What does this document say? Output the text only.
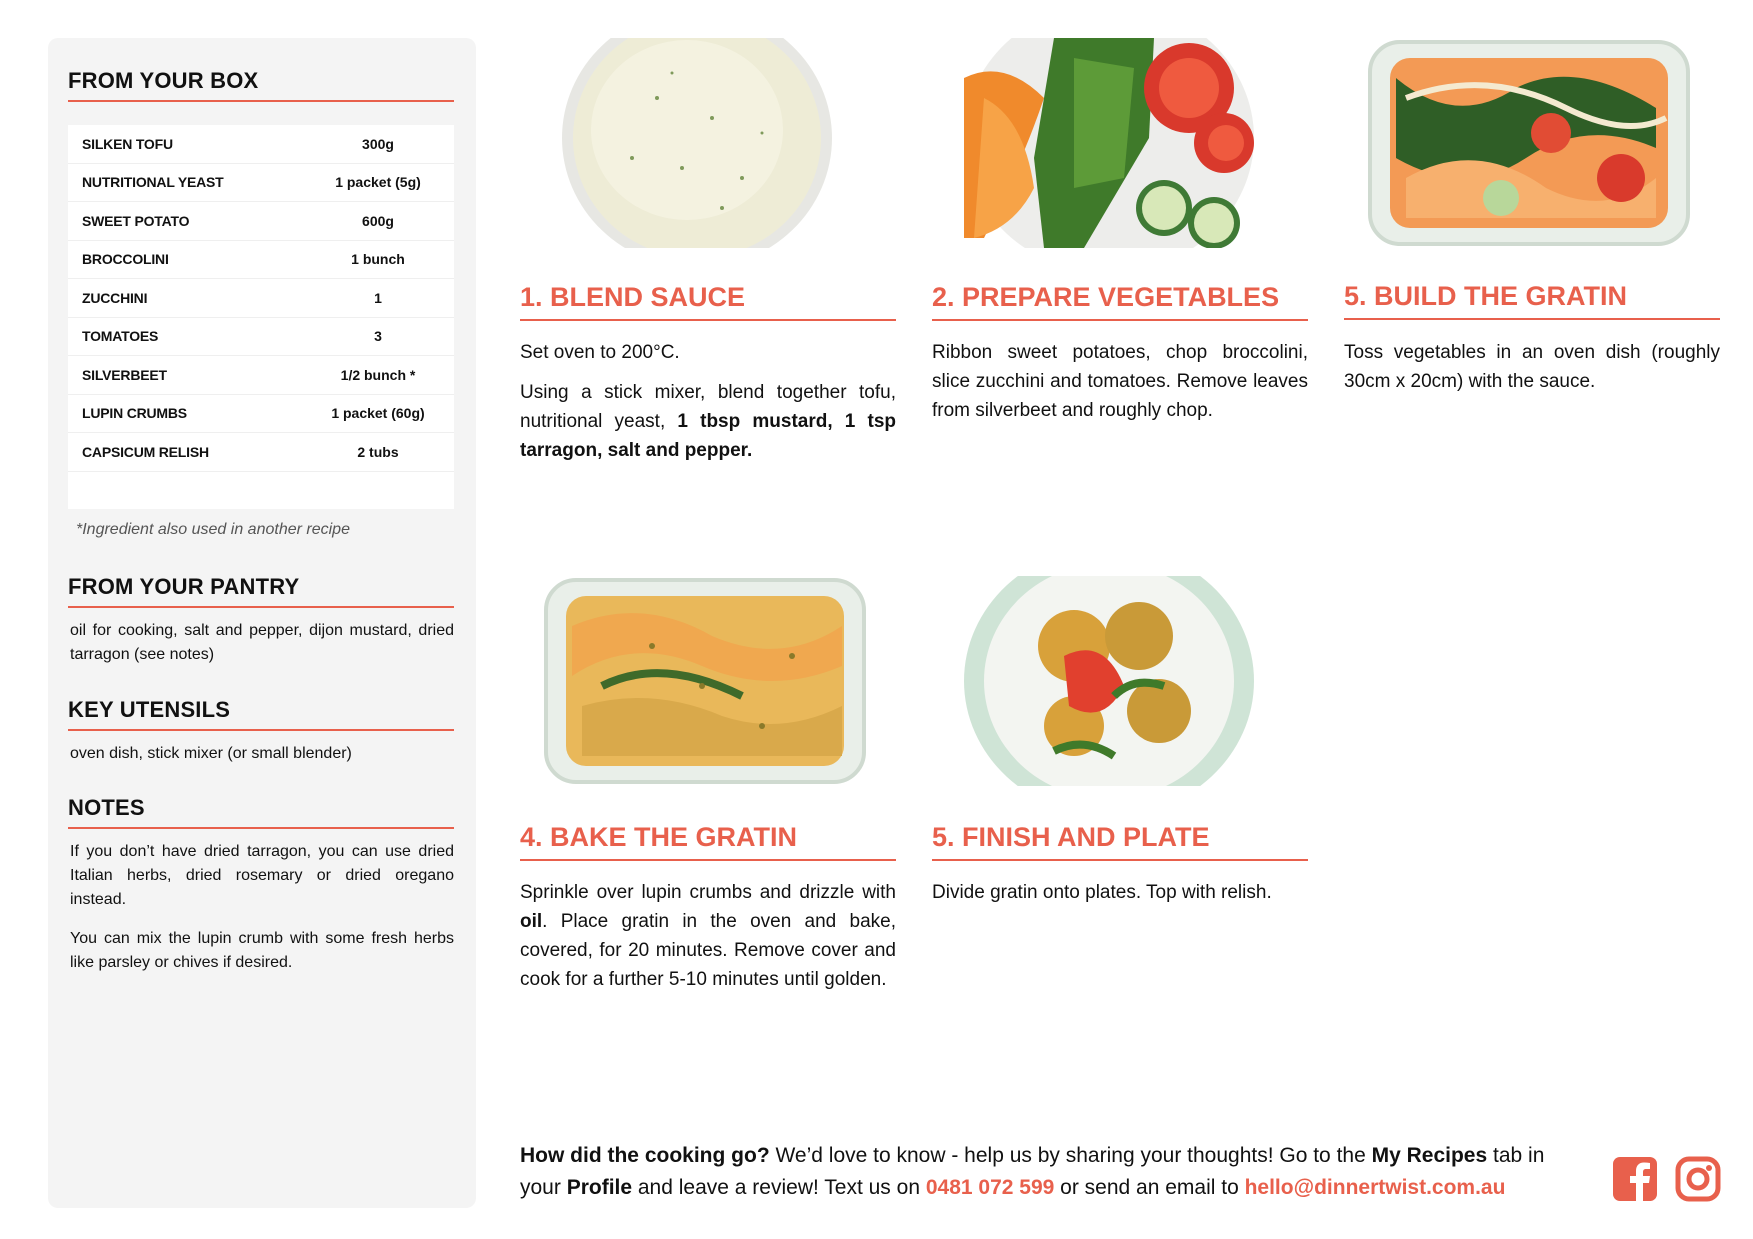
FROM YOUR BOX
SILKEN TOFU	300g
NUTRITIONAL YEAST	1 packet (5g)
SWEET POTATO	600g
BROCCOLINI	1 bunch
ZUCCHINI	1
TOMATOES	3
SILVERBEET	1/2 bunch *
LUPIN CRUMBS	1 packet (60g)
CAPSICUM RELISH	2 tubs
*Ingredient also used in another recipe
FROM YOUR PANTRY
oil for cooking, salt and pepper, dijon mustard, dried tarragon (see notes)
KEY UTENSILS
oven dish, stick mixer (or small blender)
NOTES
If you don’t have dried tarragon, you can use dried Italian herbs, dried rosemary or dried oregano instead.
You can mix the lupin crumb with some fresh herbs like parsley or chives if desired.
1. BLEND SAUCE

Set oven to 200°C.

Using a stick mixer, blend together tofu, nutritional yeast, 1 tbsp mustard, 1 tsp tarragon, salt and pepper.

2. PREPARE VEGETABLES

Ribbon sweet potatoes, chop broccolini, slice zucchini and tomatoes. Remove leaves from silverbeet and roughly chop.

5. BUILD THE GRATIN

Toss vegetables in an oven dish (roughly 30cm x 20cm) with the sauce.

4. BAKE THE GRATIN

Sprinkle over lupin crumbs and drizzle with oil. Place gratin in the oven and bake, covered, for 20 minutes. Remove cover and cook for a further 5-10 minutes until golden.

5. FINISH AND PLATE

Divide gratin onto plates. Top with relish.

How did the cooking go? We’d love to know - help us by sharing your thoughts! Go to the My Recipes tab in your Profile and leave a review! Text us on 0481 072 599 or send an email to hello@dinnertwist.com.au
